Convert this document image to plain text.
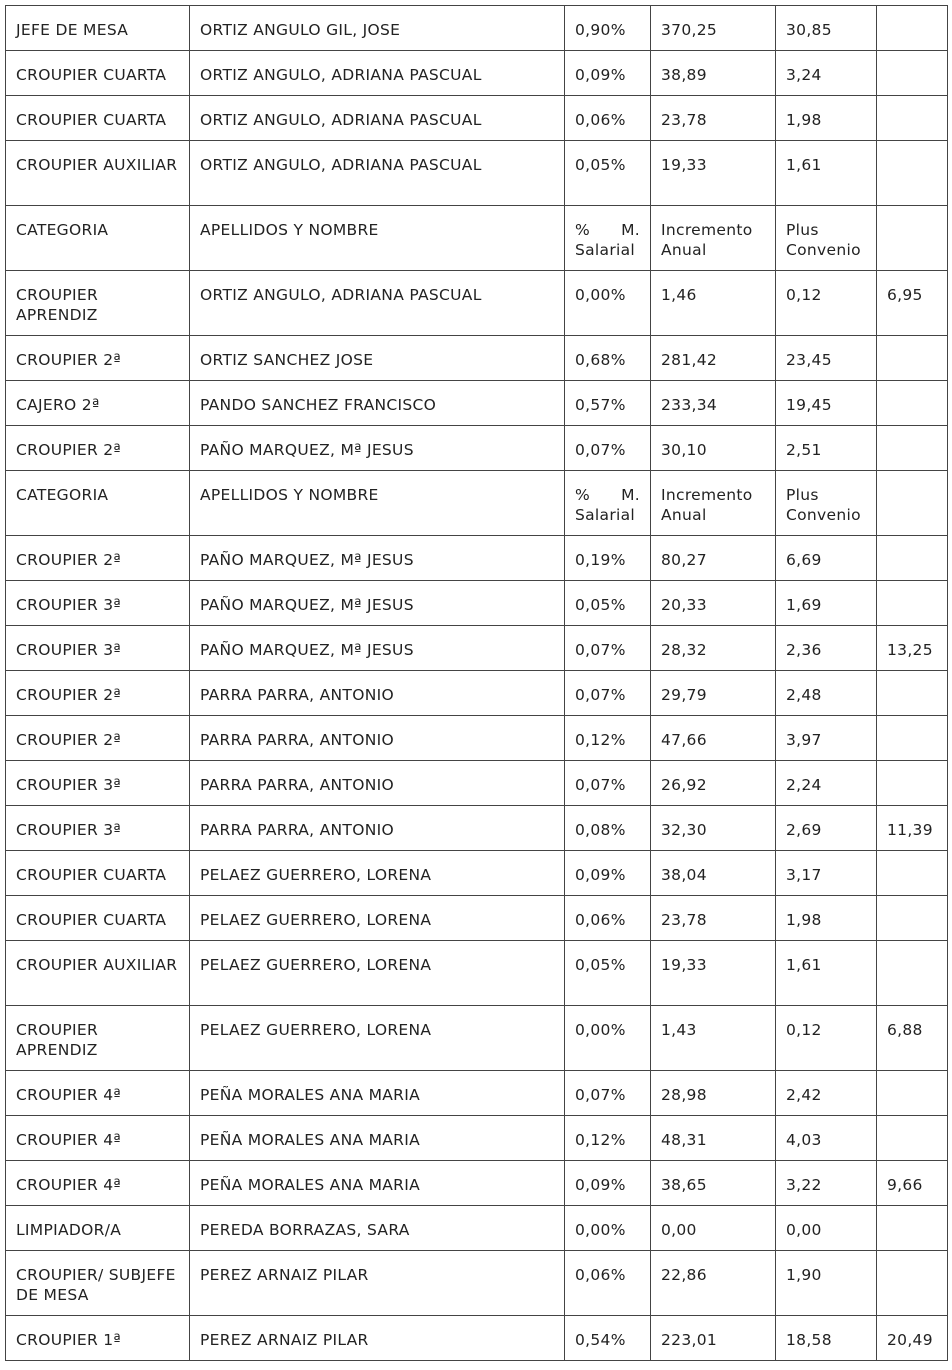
JEFE DE MESA	ORTIZ ANGULO GIL, JOSE	0,90%	370,25	30,85	
CROUPIER CUARTA	ORTIZ ANGULO, ADRIANA PASCUAL	0,09%	38,89	3,24	
CROUPIER CUARTA	ORTIZ ANGULO, ADRIANA PASCUAL	0,06%	23,78	1,98	
CROUPIER AUXILIAR	ORTIZ ANGULO, ADRIANA PASCUAL	0,05%	19,33	1,61	
CATEGORIA	APELLIDOS Y NOMBRE	% M. Salarial	Incremento Anual	Plus Convenio	
CROUPIER APRENDIZ	ORTIZ ANGULO, ADRIANA PASCUAL	0,00%	1,46	0,12	6,95
CROUPIER 2ª	ORTIZ SANCHEZ JOSE	0,68%	281,42	23,45	
CAJERO 2ª	PANDO SANCHEZ FRANCISCO	0,57%	233,34	19,45	
CROUPIER 2ª	PAÑO MARQUEZ, Mª JESUS	0,07%	30,10	2,51	
CATEGORIA	APELLIDOS Y NOMBRE	% M. Salarial	Incremento Anual	Plus Convenio	
CROUPIER 2ª	PAÑO MARQUEZ, Mª JESUS	0,19%	80,27	6,69	
CROUPIER 3ª	PAÑO MARQUEZ, Mª JESUS	0,05%	20,33	1,69	
CROUPIER 3ª	PAÑO MARQUEZ, Mª JESUS	0,07%	28,32	2,36	13,25
CROUPIER 2ª	PARRA PARRA, ANTONIO	0,07%	29,79	2,48	
CROUPIER 2ª	PARRA PARRA, ANTONIO	0,12%	47,66	3,97	
CROUPIER 3ª	PARRA PARRA, ANTONIO	0,07%	26,92	2,24	
CROUPIER 3ª	PARRA PARRA, ANTONIO	0,08%	32,30	2,69	11,39
CROUPIER CUARTA	PELAEZ GUERRERO, LORENA	0,09%	38,04	3,17	
CROUPIER CUARTA	PELAEZ GUERRERO, LORENA	0,06%	23,78	1,98	
CROUPIER AUXILIAR	PELAEZ GUERRERO, LORENA	0,05%	19,33	1,61	
CROUPIER APRENDIZ	PELAEZ GUERRERO, LORENA	0,00%	1,43	0,12	6,88
CROUPIER 4ª	PEÑA MORALES ANA MARIA	0,07%	28,98	2,42	
CROUPIER 4ª	PEÑA MORALES ANA MARIA	0,12%	48,31	4,03	
CROUPIER 4ª	PEÑA MORALES ANA MARIA	0,09%	38,65	3,22	9,66
LIMPIADOR/A	PEREDA BORRAZAS, SARA	0,00%	0,00	0,00	
CROUPIER/ SUBJEFE DE MESA	PEREZ ARNAIZ PILAR	0,06%	22,86	1,90	
CROUPIER 1ª	PEREZ ARNAIZ PILAR	0,54%	223,01	18,58	20,49
